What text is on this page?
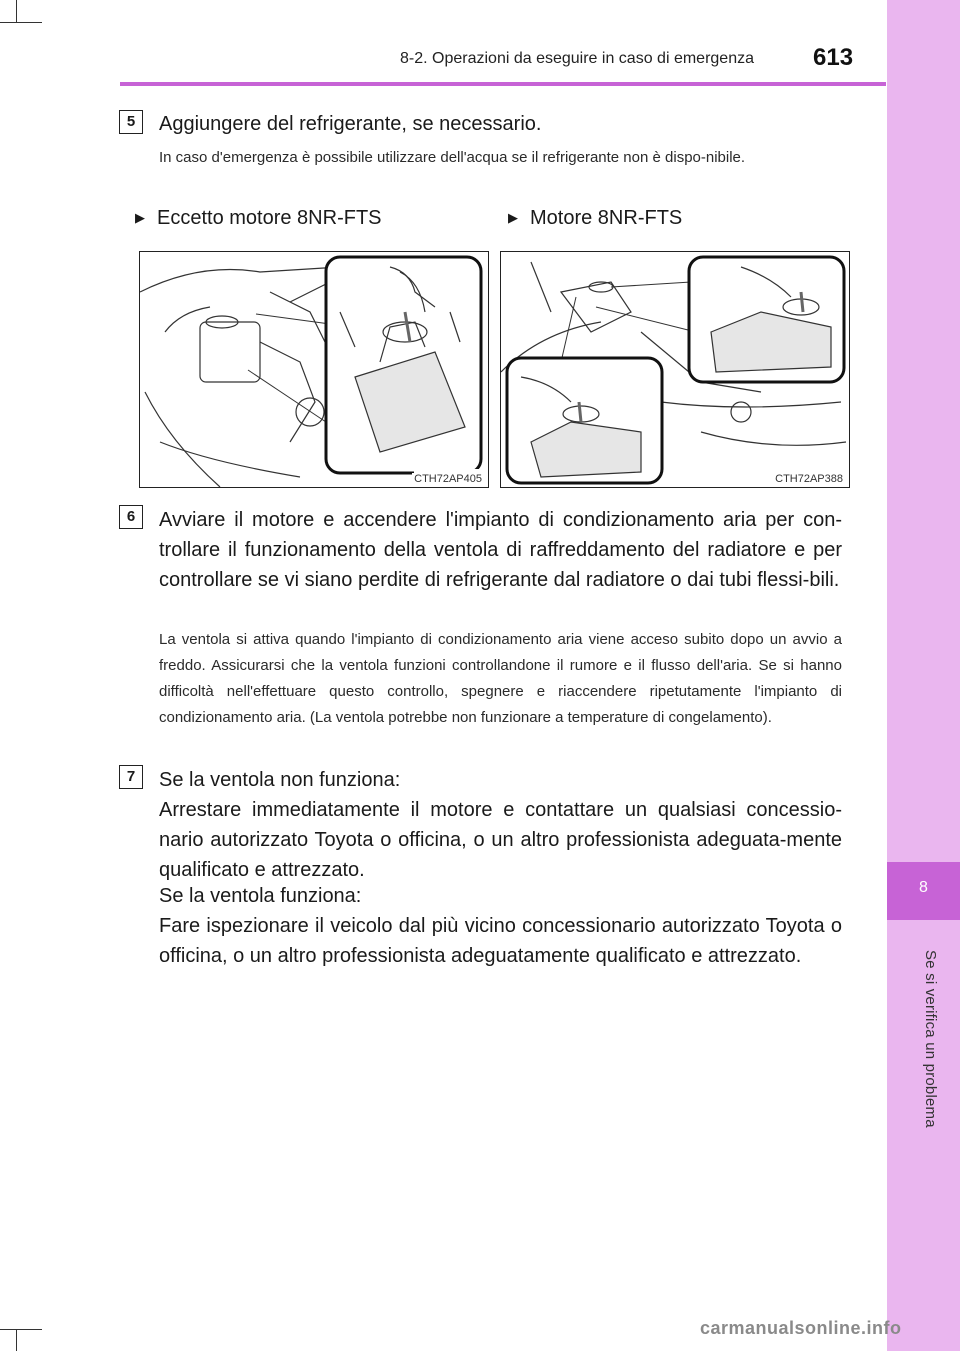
8
Se si verifica un problema
8-2. Operazioni da eseguire in caso di emergenza 613
5	Aggiungere del refrigerante, se necessario.
In caso d'emergenza è possibile utilizzare dell'acqua se il refrigerante non è dispo-nibile.
▶ Eccetto motore 8NR-FTS	▶ Motore 8NR-FTS
CTH72AP405	CTH72AP388
6	Avviare il motore e accendere l'impianto di condizionamento aria per con-trollare il funzionamento della ventola di raffreddamento del radiatore e per controllare se vi siano perdite di refrigerante dal radiatore o dai tubi flessi-bili.
La ventola si attiva quando l'impianto di condizionamento aria viene acceso subito dopo un avvio a freddo. Assicurarsi che la ventola funzioni controllandone il rumore e il flusso dell'aria. Se si hanno difficoltà nell'effettuare questo controllo, spegnere e riaccendere ripetutamente l'impianto di condizionamento aria. (La ventola potrebbe non funzionare a temperature di congelamento).
7	Se la ventola non funziona:
Arrestare immediatamente il motore e contattare un qualsiasi concessio-nario autorizzato Toyota o officina, o un altro professionista adeguata-mente qualificato e attrezzato.
Se la ventola funziona:
Fare ispezionare il veicolo dal più vicino concessionario autorizzato Toyota o officina, o un altro professionista adeguatamente qualificato e attrezzato.
carmanualsonline.info
